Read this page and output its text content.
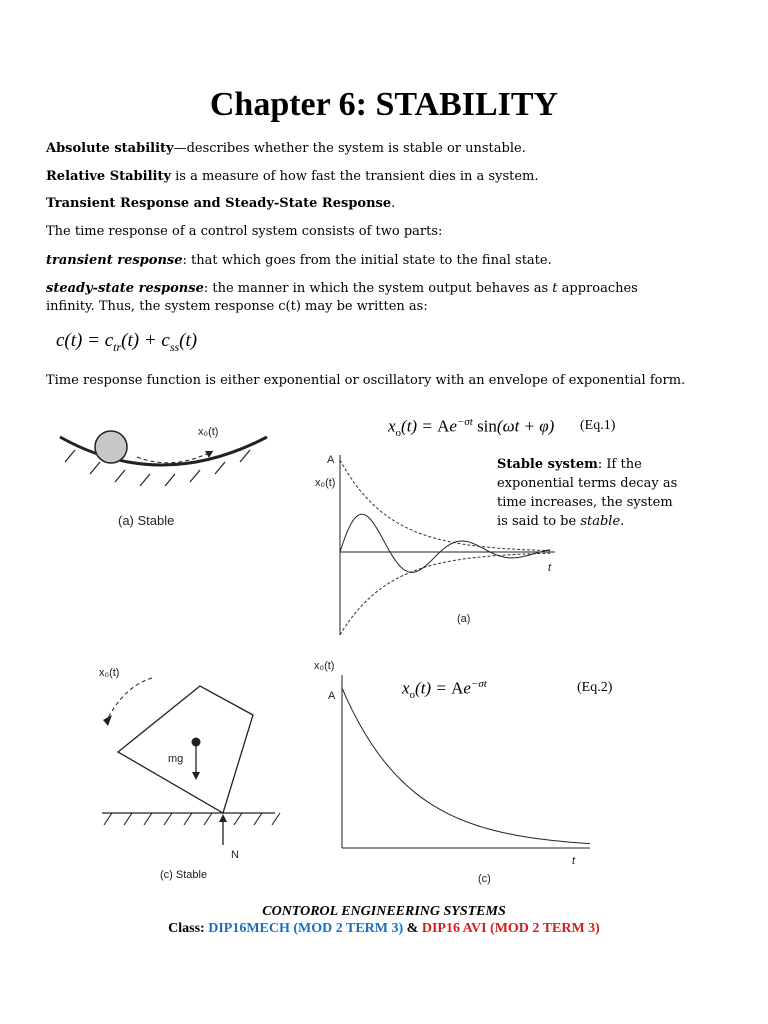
Chapter 6: STABILITY
Absolute stability—describes whether the system is stable or unstable.
Relative Stability is a measure of how fast the transient dies in a system.
Transient Response and Steady-State Response.
The time response of a control system consists of two parts:
transient response: that which goes from the initial state to the final state.
steady-state response: the manner in which the system output behaves as t approaches
infinity. Thus, the system response c(t) may be written as:
$c(t) = c_{tr}(t) + c_{ss}(t)$
Time response function is either exponential or oscillatory with an envelope of exponential form.
x₀(t)
(a) Stable
$x_o(t) = Ae^{-\sigma t}$ sin(ωt + φ) (Eq.1)
A
x₀(t)
t
(a)
Stable system: If the
exponential terms decay as
time increases, the system
is said to be stable.
x₀(t)
mg
N
(c) Stable
$x_o(t) = Ae^{-\sigma t}$	(Eq.2)
x₀(t)
A
t
(c)
CONTOROL ENGINEERING SYSTEMS
Class: DIP16MECH (MOD 2 TERM 3) & DIP16 AVI (MOD 2 TERM 3)
